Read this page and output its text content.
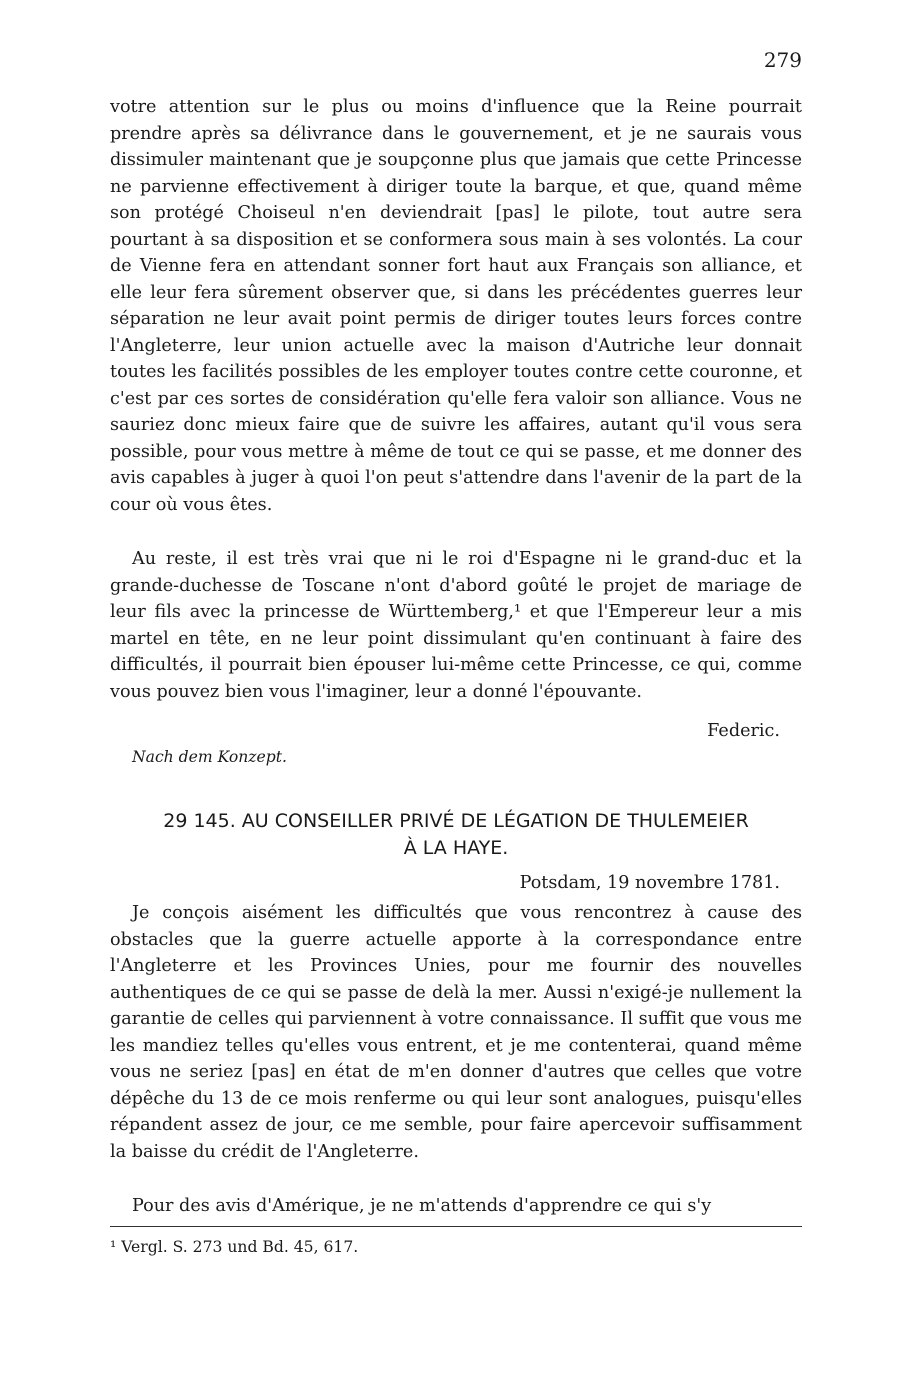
279

votre attention sur le plus ou moins d'influence que la Reine pourrait prendre après sa délivrance dans le gouvernement, et je ne saurais vous dissimuler maintenant que je soupçonne plus que jamais que cette Princesse ne parvienne effectivement à diriger toute la barque, et que, quand même son protégé Choiseul n'en deviendrait [pas] le pilote, tout autre sera pourtant à sa disposition et se conformera sous main à ses volontés. La cour de Vienne fera en attendant sonner fort haut aux Français son alliance, et elle leur fera sûrement observer que, si dans les précédentes guerres leur séparation ne leur avait point permis de diriger toutes leurs forces contre l'Angleterre, leur union actuelle avec la maison d'Autriche leur donnait toutes les facilités possibles de les employer toutes contre cette couronne, et c'est par ces sortes de considération qu'elle fera valoir son alliance. Vous ne sauriez donc mieux faire que de suivre les affaires, autant qu'il vous sera possible, pour vous mettre à même de tout ce qui se passe, et me donner des avis capables à juger à quoi l'on peut s'attendre dans l'avenir de la part de la cour où vous êtes.

Au reste, il est très vrai que ni le roi d'Espagne ni le grand-duc et la grande-duchesse de Toscane n'ont d'abord goûté le projet de mariage de leur fils avec la princesse de Württemberg,¹ et que l'Empereur leur a mis martel en tête, en ne leur point dissimulant qu'en continuant à faire des difficultés, il pourrait bien épouser lui-même cette Princesse, ce qui, comme vous pouvez bien vous l'imaginer, leur a donné l'épouvante.

Federic.
Nach dem Konzept.
29 145. AU CONSEILLER PRIVÉ DE LÉGATION DE THULEMEIER
À LA HAYE.
Potsdam, 19 novembre 1781.

Je conçois aisément les difficultés que vous rencontrez à cause des obstacles que la guerre actuelle apporte à la correspondance entre l'Angleterre et les Provinces Unies, pour me fournir des nouvelles authentiques de ce qui se passe de delà la mer. Aussi n'exigé-je nullement la garantie de celles qui parviennent à votre connaissance. Il suffit que vous me les mandiez telles qu'elles vous entrent, et je me contenterai, quand même vous ne seriez [pas] en état de m'en donner d'autres que celles que votre dépêche du 13 de ce mois renferme ou qui leur sont analogues, puisqu'elles répandent assez de jour, ce me semble, pour faire apercevoir suffisamment la baisse du crédit de l'Angleterre.

Pour des avis d'Amérique, je ne m'attends d'apprendre ce qui s'y

¹ Vergl. S. 273 und Bd. 45, 617.
